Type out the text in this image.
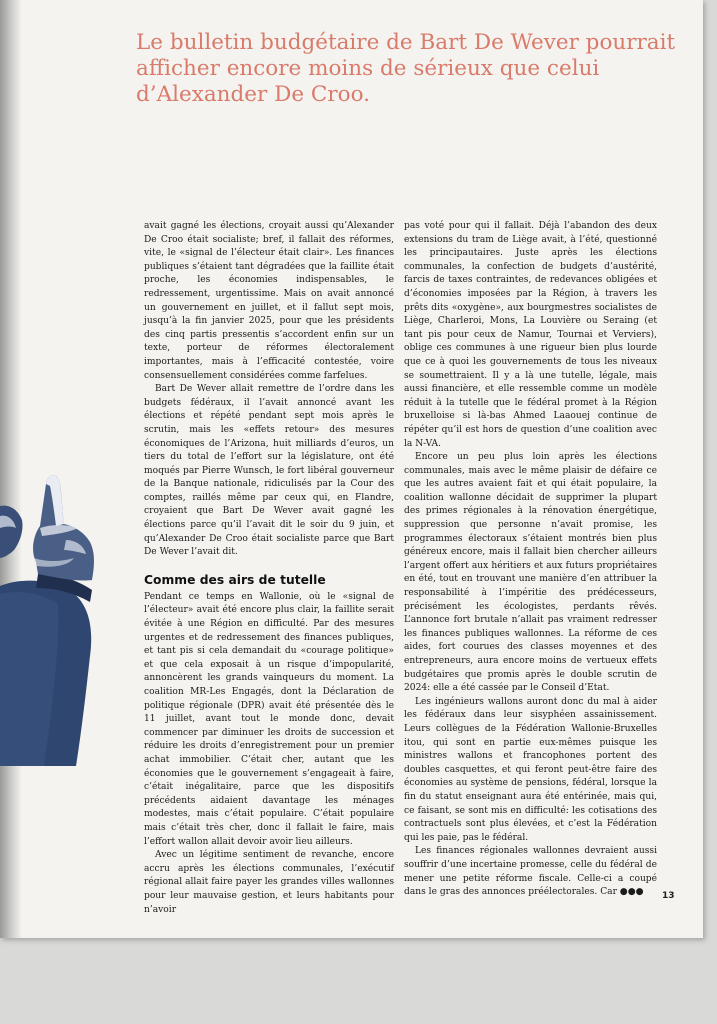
Le bulletin budgétaire de Bart De Wever pourrait afficher encore moins de sérieux que celui d’Alexander De Croo.

avait gagné les élections, croyait aussi qu’Alexander De Croo était socialiste; bref, il fallait des réformes, vite, le «signal de l’électeur était clair». Les finances publiques s’étaient tant dégradées que la faillite était proche, les économies indispensables, le redressement, urgentissime. Mais on avait annoncé un gouvernement en juillet, et il fallut sept mois, jusqu’à la fin janvier 2025, pour que les présidents des cinq partis pressentis s’accordent enfin sur un texte, porteur de réformes électoralement importantes, mais à l’efficacité contestée, voire consensuellement considérées comme farfelues.

Bart De Wever allait remettre de l’ordre dans les budgets fédéraux, il l’avait annoncé avant les élections et répété pendant sept mois après le scrutin, mais les «effets retour» des mesures économiques de l’Arizona, huit milliards d’euros, un tiers du total de l’effort sur la législature, ont été moqués par Pierre Wunsch, le fort libéral gouverneur de la Banque nationale, ridiculisés par la Cour des comptes, raillés même par ceux qui, en Flandre, croyaient que Bart De Wever avait gagné les élections parce qu’il l’avait dit le soir du 9 juin, et qu’Alexander De Croo était socialiste parce que Bart De Wever l’avait dit.

Comme des airs de tutelle

Pendant ce temps en Wallonie, où le «signal de l’électeur» avait été encore plus clair, la faillite serait évitée à une Région en difficulté. Par des mesures urgentes et de redressement des finances publiques, et tant pis si cela demandait du «courage politique» et que cela exposait à un risque d’impopularité, annoncèrent les grands vainqueurs du moment. La coalition MR-Les Engagés, dont la Déclaration de politique régionale (DPR) avait été présentée dès le 11 juillet, avant tout le monde donc, devait commencer par diminuer les droits de succession et réduire les droits d’enregistrement pour un premier achat immobilier. C’était cher, autant que les économies que le gouvernement s’engageait à faire, c’était inégalitaire, parce que les dispositifs précédents aidaient davantage les ménages modestes, mais c’était populaire. C’était populaire mais c’était très cher, donc il fallait le faire, mais l’effort wallon allait devoir avoir lieu ailleurs.

Avec un légitime sentiment de revanche, encore accru après les élections communales, l’exécutif régional allait faire payer les grandes villes wallonnes pour leur mauvaise gestion, et leurs habitants pour n’avoir

pas voté pour qui il fallait. Déjà l’abandon des deux extensions du tram de Liège avait, à l’été, questionné les principautaires. Juste après les élections communales, la confection de budgets d’austérité, farcis de taxes contraintes, de redevances obligées et d’économies imposées par la Région, à travers les prêts dits «oxygène», aux bourgmestres socialistes de Liège, Charleroi, Mons, La Louvière ou Seraing (et tant pis pour ceux de Namur, Tournai et Verviers), oblige ces communes à une rigueur bien plus lourde que ce à quoi les gouvernements de tous les niveaux se soumettraient. Il y a là une tutelle, légale, mais aussi financière, et elle ressemble comme un modèle réduit à la tutelle que le fédéral promet à la Région bruxelloise si là-bas Ahmed Laaouej continue de répéter qu’il est hors de question d’une coalition avec la N-VA.

Encore un peu plus loin après les élections communales, mais avec le même plaisir de défaire ce que les autres avaient fait et qui était populaire, la coalition wallonne décidait de supprimer la plupart des primes régionales à la rénovation énergétique, suppression que personne n’avait promise, les programmes électoraux s’étaient montrés bien plus généreux encore, mais il fallait bien chercher ailleurs l’argent offert aux héritiers et aux futurs propriétaires en été, tout en trouvant une manière d’en attribuer la responsabilité à l’impéritie des prédécesseurs, précisément les écologistes, perdants rêvés. L’annonce fort brutale n’allait pas vraiment redresser les finances publiques wallonnes. La réforme de ces aides, fort courues des classes moyennes et des entrepreneurs, aura encore moins de vertueux effets budgétaires que promis après le double scrutin de 2024: elle a été cassée par le Conseil d’Etat.

Les ingénieurs wallons auront donc du mal à aider les fédéraux dans leur sisyphéen assainissement. Leurs collègues de la Fédération Wallonie-Bruxelles itou, qui sont en partie eux-mêmes puisque les ministres wallons et francophones portent des doubles casquettes, et qui feront peut-être faire des économies au système de pensions, fédéral, lorsque la fin du statut enseignant aura été entérinée, mais qui, ce faisant, se sont mis en difficulté: les cotisations des contractuels sont plus élevées, et c’est la Fédération qui les paie, pas le fédéral.

Les finances régionales wallonnes devraient aussi souffrir d’une incertaine promesse, celle du fédéral de mener une petite réforme fiscale. Celle-ci a coupé dans le gras des annonces préélectorales. Car ●●●	13
